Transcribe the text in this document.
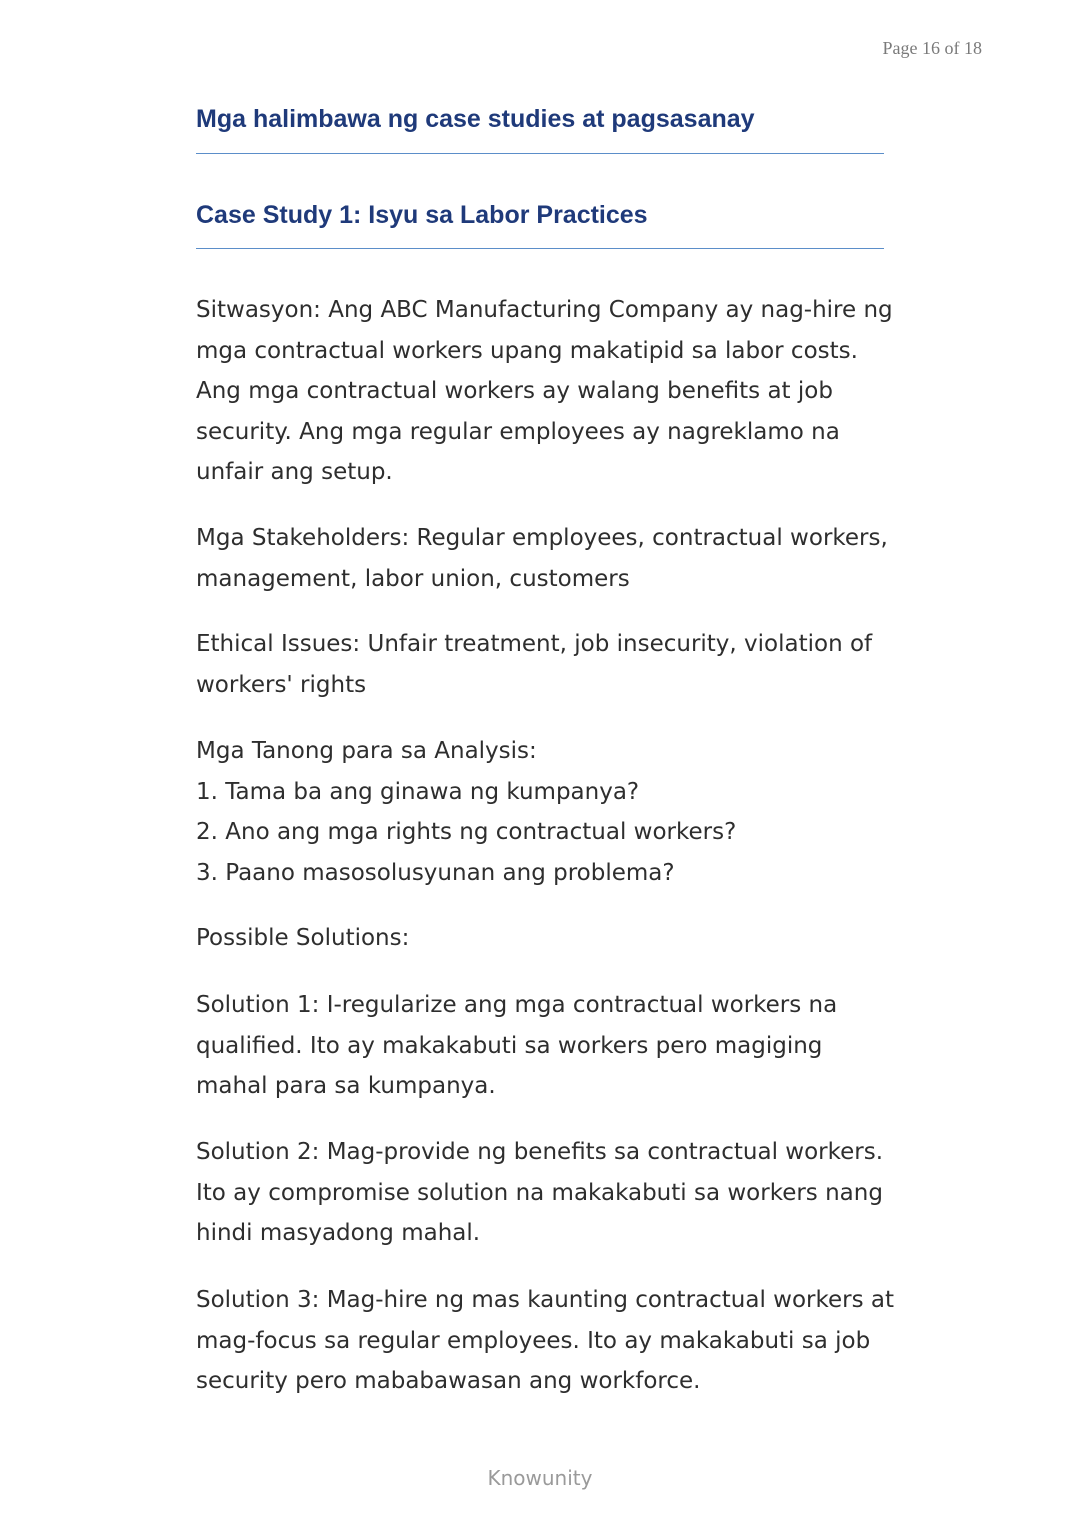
Page 16 of 18
Mga halimbawa ng case studies at pagsasanay
Case Study 1: Isyu sa Labor Practices

Sitwasyon: Ang ABC Manufacturing Company ay nag-hire ng
mga contractual workers upang makatipid sa labor costs.
Ang mga contractual workers ay walang benefits at job
security. Ang mga regular employees ay nagreklamo na
unfair ang setup.

Mga Stakeholders: Regular employees, contractual workers,
management, labor union, customers

Ethical Issues: Unfair treatment, job insecurity, violation of
workers' rights

Mga Tanong para sa Analysis:
1. Tama ba ang ginawa ng kumpanya?
2. Ano ang mga rights ng contractual workers?
3. Paano masosolusyunan ang problema?

Possible Solutions:

Solution 1: I-regularize ang mga contractual workers na
qualified. Ito ay makakabuti sa workers pero magiging
mahal para sa kumpanya.

Solution 2: Mag-provide ng benefits sa contractual workers.
Ito ay compromise solution na makakabuti sa workers nang
hindi masyadong mahal.

Solution 3: Mag-hire ng mas kaunting contractual workers at
mag-focus sa regular employees. Ito ay makakabuti sa job
security pero mababawasan ang workforce.

Knowunity
